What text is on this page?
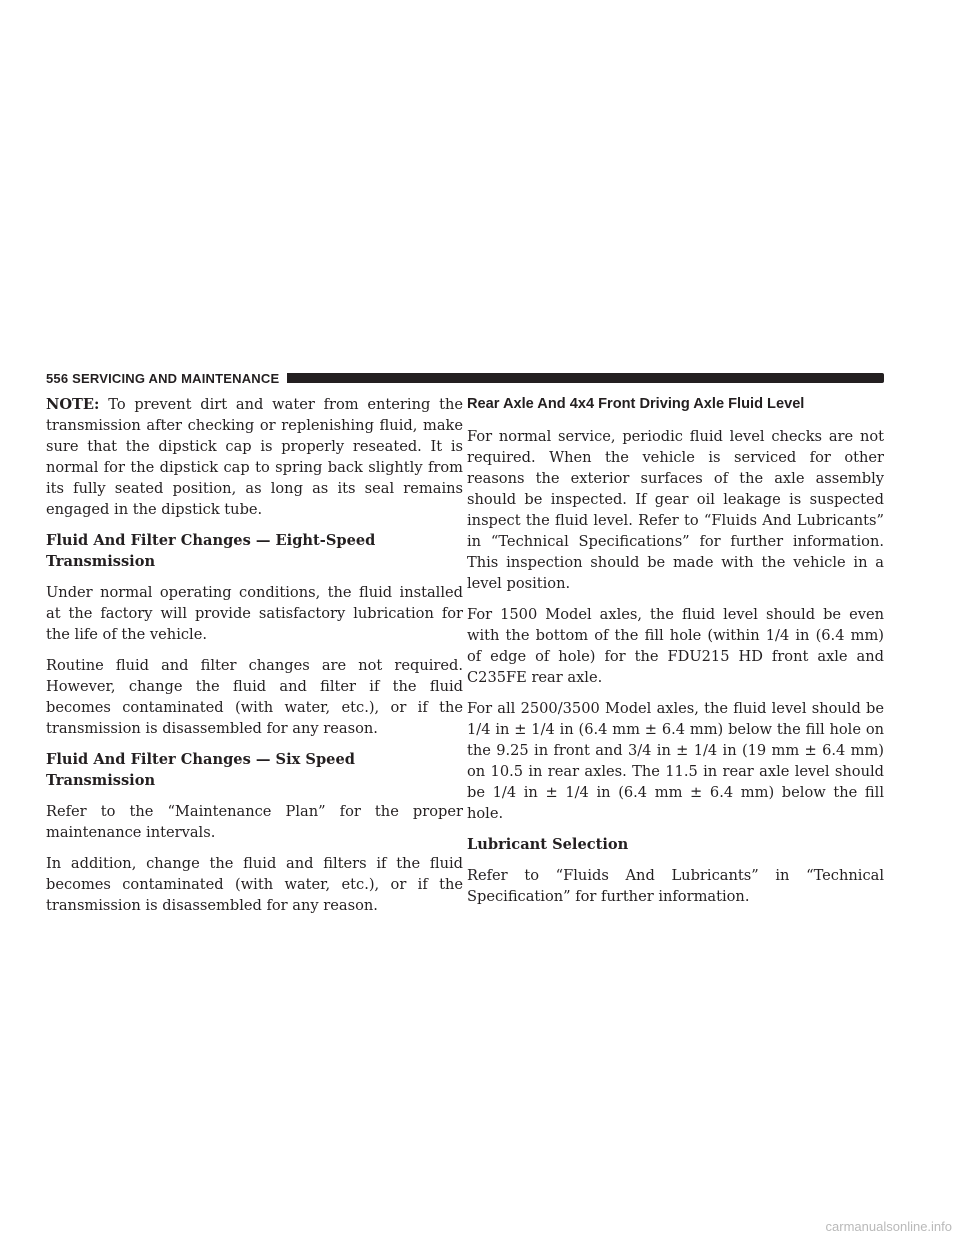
556 SERVICING AND MAINTENANCE

NOTE: To prevent dirt and water from entering the transmission after checking or replenishing fluid, make sure that the dipstick cap is properly reseated. It is normal for the dipstick cap to spring back slightly from its fully seated position, as long as its seal remains engaged in the dipstick tube.

Fluid And Filter Changes — Eight-Speed Transmission

Under normal operating conditions, the fluid installed at the factory will provide satisfactory lubrication for the life of the vehicle.

Routine fluid and filter changes are not required. However, change the fluid and filter if the fluid becomes contaminated (with water, etc.), or if the transmission is disassembled for any reason.

Fluid And Filter Changes — Six Speed Transmission

Refer to the “Maintenance Plan” for the proper maintenance intervals.

In addition, change the fluid and filters if the fluid becomes contaminated (with water, etc.), or if the transmission is disassembled for any reason.

Rear Axle And 4x4 Front Driving Axle Fluid Level

For normal service, periodic fluid level checks are not required. When the vehicle is serviced for other reasons the exterior surfaces of the axle assembly should be inspected. If gear oil leakage is suspected inspect the fluid level. Refer to “Fluids And Lubricants” in “Technical Specifications” for further information. This inspection should be made with the vehicle in a level position.

For 1500 Model axles, the fluid level should be even with the bottom of the fill hole (within 1/4 in (6.4 mm) of edge of hole) for the FDU215 HD front axle and C235FE rear axle.

For all 2500/3500 Model axles, the fluid level should be 1/4 in ± 1/4 in (6.4 mm ± 6.4 mm) below the fill hole on the 9.25 in front and 3/4 in ± 1/4 in (19 mm ± 6.4 mm) on 10.5 in rear axles. The 11.5 in rear axle level should be 1/4 in ± 1/4 in (6.4 mm ± 6.4 mm) below the fill hole.

Lubricant Selection

Refer to “Fluids And Lubricants” in “Technical Specification” for further information.

carmanualsonline.info
